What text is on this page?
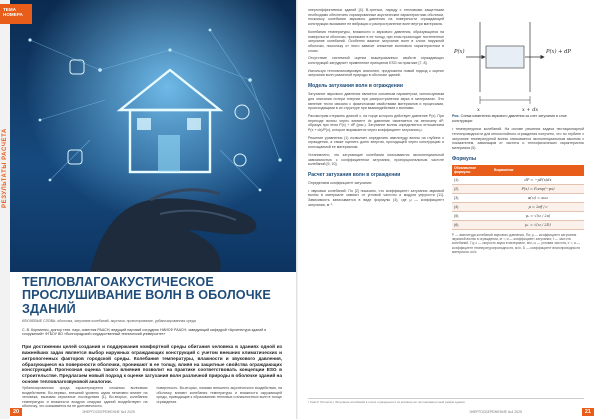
ТЕМА
НОМЕРА
РЕЗУЛЬТАТЫ РАСЧЕТА
ТЕПЛОВЛАГОАКУСТИЧЕСКОЕ ПРОСЛУШИВАНИЕ ВОЛН В ОБОЛОЧКЕ ЗДАНИЙ
КЛЮЧЕВЫЕ СЛОВА: оболочка, затухание колебаний, акустика, проектирование, урбанизированная среда
С. В. Корниенко, доктор техн. наук, советник РААСН, ведущий научный сотрудник НИИСФ РААСН, заведующий кафедрой «Архитектура зданий и сооружений» ФГБОУ ВО «Волгоградский государственный технический университет»
При достижении целей создания и поддержания комфортной среды обитания человека в зданиях одной из важнейших задач является выбор наружных ограждающих конструкций с учетом внешних климатических и антропогенных факторов городской среды. Колебания температуры, влажности и звукового давления, образующиеся на поверхности оболочки, проникают в ее толщу, влияя на защитные свойства ограждающих конструкций. Прогнозная оценка такого влияния позволит на практике соответствовать концепции ESG в строительстве. Предлагаем новый подход к оценке затухания волн различной природы в оболочке зданий на основе тепловлагозвуковой аналогии.

Урбанизированная среда характеризуется сложным волновым воздействием. Во-первых, внешний уровень шума негативно влияет на человека, вызывая серьезные последствия [1]. Во-вторых, колебания температуры и влажности воздуха снаружи зданий воздействуют на оболочку, что сказывается на ее долговечности.

поверхность. Во-вторых, помимо внешнего акустического воздействия, на оболочку влияют колебания температуры и влажности окружающей среды, приводящие к образованию тепловых и влажностных волн в толще ограждения.

20	ЭНЕРГОСБЕРЕЖЕНИЕ №4 2025

энергоэффективных зданий [4]. В-третьих, наряду с тепловыми защитными необходимо обеспечить нормированные акустические характеристики оболочки, поскольку колебания звукового давления на поверхности ограждающей конструкции вызывают ее вибрации и распространение волн внутри материала.

Колебания температуры, влажности и звукового давления, образующиеся на поверхности оболочки, проникают в ее толщу, при этом происходит постепенное затухание колебаний. Особенно важное затухание волн в слоях наружной оболочки, поскольку от этого зависит снижение волнового характеристики в слоях.

Отсутствие системной оценки вышеуказанных свойств ограждающих конструкций затрудняет применение принципов ESG на практике [7, 8].

Используя тепловлагозвуковую аналогию, предложена новый подход к оценке затухания волн различной природы в оболочке зданий.

Модель затухания волн в ограждении

Затухание звукового давления является основным параметром, используемым для описания потери энергии при распространении звука в материалах. Это явление тесно связано с физическими свойствами материалов и процессами, происходящими в их структуре при взаимодействии с волнами.

Рассмотрим стержень длиной x, на торце которого действует давление P(x). При переходе волны через элемент dx давление изменяется на величину dP, образуя при этом P(x) + dP (рис.). Затухание волны определяется отношением P(x + dx)/P(x), которое выражается через коэффициент затухания μ.

Решение уравнения (1) позволяет определить амплитуду волны на глубине x ограждения, а также оценить долю энергии, проходящей через конструкцию и поглощаемой ее материалом.

Установлено, что затухающие колебания описываются экспоненциальной зависимостью с коэффициентом затухания, пропорциональным частоте колебаний [9, 10].

Расчет затухания волн в ограждении

Определяем коэффициент затухания:

• звуковых колебаний. По [2] показано, что коэффициент затухания звуковой волны в материале зависит от угловой частоты и модуля упругости [11]. Зависимость записывается в виде формулы (4), где μ — коэффициент затухания, м⁻¹.

P(x)	P(x) + dP
x	x + dx
Рис. Схема изменения звукового давления за счет затухания в слое конструкции

• температурных колебаний. На основе решения задачи нестационарной теплопроводности для многослойного ограждения получено, что по глубине x затухание температурной волны описывается экспоненциальным законом с показателем, зависящим от частоты и теплофизических характеристик материала (5).

Формулы
Обозначение формулы	Выражение
(1)	dP = −μP(x)dx
(2)	P(x) = P₀exp(−μx)
(3)	α(ω) = α₀ω
(4)	μ = 2πf / c
(5)	μₜ = √(ω / 2a)
(6)	μᵥ = √(ω / 2D)

P — амплитуда колебаний звукового давления, Па; μ — коэффициент затухания звуковой волны в ограждении, м⁻¹; α — коэффициент затухания; f — частота колебаний, Гц; c — скорость звука в материале, м/с; ω — угловая частота, с⁻¹; a — коэффициент температуропроводности, м²/с; D — коэффициент влагопроводности материала, м²/с.

¹ Сам Р. (Тепличн.) Затухание колебаний в слоях ограждения и их влияние на тепловлажностный режим здания.
ЭНЕРГОСБЕРЕЖЕНИЕ №4 2025	21
